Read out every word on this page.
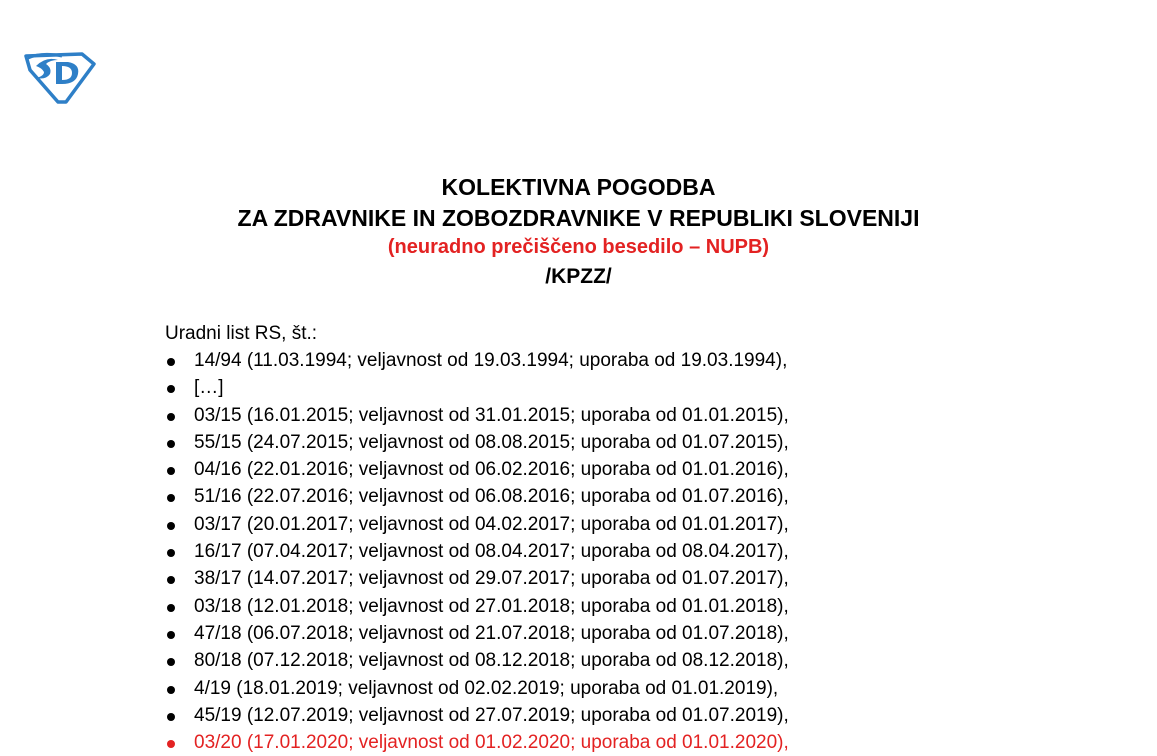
KOLEKTIVNA POGODBA
ZA ZDRAVNIKE IN ZOBOZDRAVNIKE V REPUBLIKI SLOVENIJI
(neuradno prečiščeno besedilo – NUPB)
/KPZZ/
Uradni list RS, št.:
14/94 (11.03.1994; veljavnost od 19.03.1994; uporaba od 19.03.1994),
[…]
03/15 (16.01.2015; veljavnost od 31.01.2015; uporaba od 01.01.2015),
55/15 (24.07.2015; veljavnost od 08.08.2015; uporaba od 01.07.2015),
04/16 (22.01.2016; veljavnost od 06.02.2016; uporaba od 01.01.2016),
51/16 (22.07.2016; veljavnost od 06.08.2016; uporaba od 01.07.2016),
03/17 (20.01.2017; veljavnost od 04.02.2017; uporaba od 01.01.2017),
16/17 (07.04.2017; veljavnost od 08.04.2017; uporaba od 08.04.2017),
38/17 (14.07.2017; veljavnost od 29.07.2017; uporaba od 01.07.2017),
03/18 (12.01.2018; veljavnost od 27.01.2018; uporaba od 01.01.2018),
47/18 (06.07.2018; veljavnost od 21.07.2018; uporaba od 01.07.2018),
80/18 (07.12.2018; veljavnost od 08.12.2018; uporaba od 08.12.2018),
4/19 (18.01.2019; veljavnost od 02.02.2019; uporaba od 01.01.2019),
45/19 (12.07.2019; veljavnost od 27.07.2019; uporaba od 01.07.2019),
03/20 (17.01.2020; veljavnost od 01.02.2020; uporaba od 01.01.2020),
